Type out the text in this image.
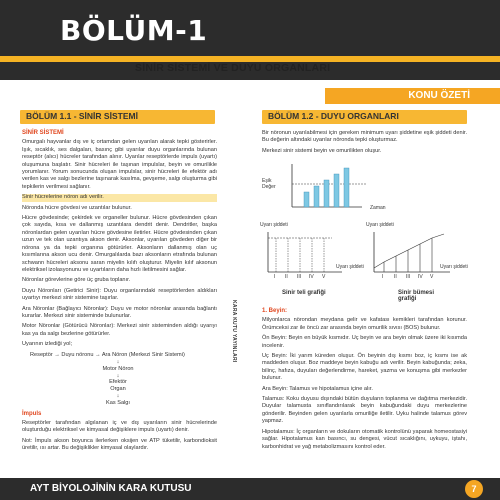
BÖLÜM-1
SİNİR SİSTEMİ VE DUYU ORGANLARI
KONU ÖZETİ
BÖLÜM 1.1 - SİNİR SİSTEMİ	BÖLÜM 1.2 - DUYU ORGANLARI
SİNİR SİSTEMİ

Omurgalı hayvanlar dış ve iç ortamdan gelen uyarılan alarak tepki gösterirler. Işık, sıcaklık, ses dalgaları, basınç gibi uyarılar duyu organlarında bulunan reseptör (alıcı) hücreler tarafından alınır. Uyarılar reseptörlerde impuls (uyartı) oluşumuna başlatır. Sinir hücreleri ile taşınan impulslar, beyin ve omurilikle yorumlanır. Yorum sonucunda oluşan impulslar, sinir hücreleri ile efektör adı verilen kas ve salgı bezlerine taşınarak kasılma, gevşeme, salgı oluşturma gibi tepkilerin verilmesi sağlanır.

Sinir hücrelerine nöron adı verilir.

Nöronda hücre gövdesi ve uzantılar bulunur.

Hücre gövdesinde; çekirdek ve organeller bulunur. Hücre gövdesinden çıkan çok sayıda, kısa ve dallanmış uzantılara dendrit denir. Dendritler, başka nöronlardan gelen uyarıları hücre gövdesine iletirler. Hücre gövdesinden çıkan uzun ve tek olan uzantıya akson denir. Aksonlar, uyarıları gövdeden diğer bir nörona ya da tepki organına götürürler. Aksonların dallanmış olan uç kısımlarına akson ucu denir. Omurgalılarda bazı aksonların etrafında bulunan schwann hücreleri aksonu saran miyelin kılıfı oluşturur. Miyelin kılıf aksonun elektriksel izolasyonunu ve uyartıların daha hızlı iletilmesini sağlar.

Nöronlar görevlerine göre üç gruba toplanır.

Duyu Nöronları (Getirici Sinir): Duyu organlarındaki reseptörlerden aldıkları uyartıyı merkezi sinir sistemine taşırlar.

Ara Nöronlar (Bağlayıcı Nöronlar): Duyu ve motor nöronlar arasında bağlantı kurarlar. Merkezi sinir sisteminde bulunurlar.

Motor Nöronlar (Götürücü Nöronlar): Merkezi sinir sisteminden aldığı uyarıyı kas ya da salgı bezlerine götürürler.

Uyarının izlediği yol;

Reseptör → Duyu nöronu → Ara Nöron (Merkezi Sinir Sistemi)
↓
Motor Nöron
↓
Efektör
Organ
↓
Kas Salgı
İmpuls

Reseptörler tarafından algılanan iç ve dış uyarıların sinir hücrelerinde oluşturduğu elektriksel ve kimyasal değişiklere impuls (uyartı) denir.

Not: İmpuls akson boyunca ilerlerken oksijen ve ATP tüketilir, karbondioksit üretilir, ısı artar. Bu değişiklikler kimyasal olaylardır.

KARA KUTU YAYINLARI

Bir nöronun uyarılabilmesi için gereken minimum uyarı şiddetine eşik şiddeti denir. Bu değerin altındaki uyarılar nöronda tepki oluşturmaz.

Merkezi sinir sistemi beyin ve omurilikten oluşur.

Eşik Değer
Zaman
Uyarı şiddeti
Uyarı şiddeti
I II III IV V
Uyarı şiddeti
Uyarı şiddeti
I II III IV V
Sinir teli grafiği	Sinir bümesi grafiği
1. Beyin:

Milyonlarca nörondan meydana gelir ve kafatası kemikleri tarafından korunur. Örümceksi zar ile öncü zar arasında beyin omurilik sıvısı (BOS) bulunur.

Ön Beyin: Beyin en büyük kısmıdır. Uç beyin ve ara beyin olmak üzere iki kısımda incelenir.

Uç Beyin: İki yarım küreden oluşur. Ön beyinin dış kısmı boz, iç kısmı ise ak maddeden oluşur. Boz maddeye beyin kabuğu adı verilir. Beyin kabuğunda; zeka, bilinç, hafıza, duyuları değerlendirme, hareket, yazma ve konuşma gibi merkezler bulunur.

Ara Beyin: Talamus ve hipotalamus içine alır.

Talamus: Koku duyusu dışındaki bütün duyuların toplanma ve dağıtma merkezidir. Duyular talamusta sınıflandırılarak beyin kabuğundaki duyu merkezlerine gönderilir. Beyinden gelen uyarılarla omuriliğe iletilir. Uyku halinde talamus görev yapmaz.

Hipotalamus: İç organların ve dokuların otomatik kontrolünü yaparak homeostasiyi sağlar. Hipotalamus kan basıncı, su dengesi, vücut sıcaklığını, uykuyu, iştahı, karbonhidrat ve yağ metabolizmasını kontrol eder.

AYT BİYOLOJİNİN KARA KUTUSU	7
